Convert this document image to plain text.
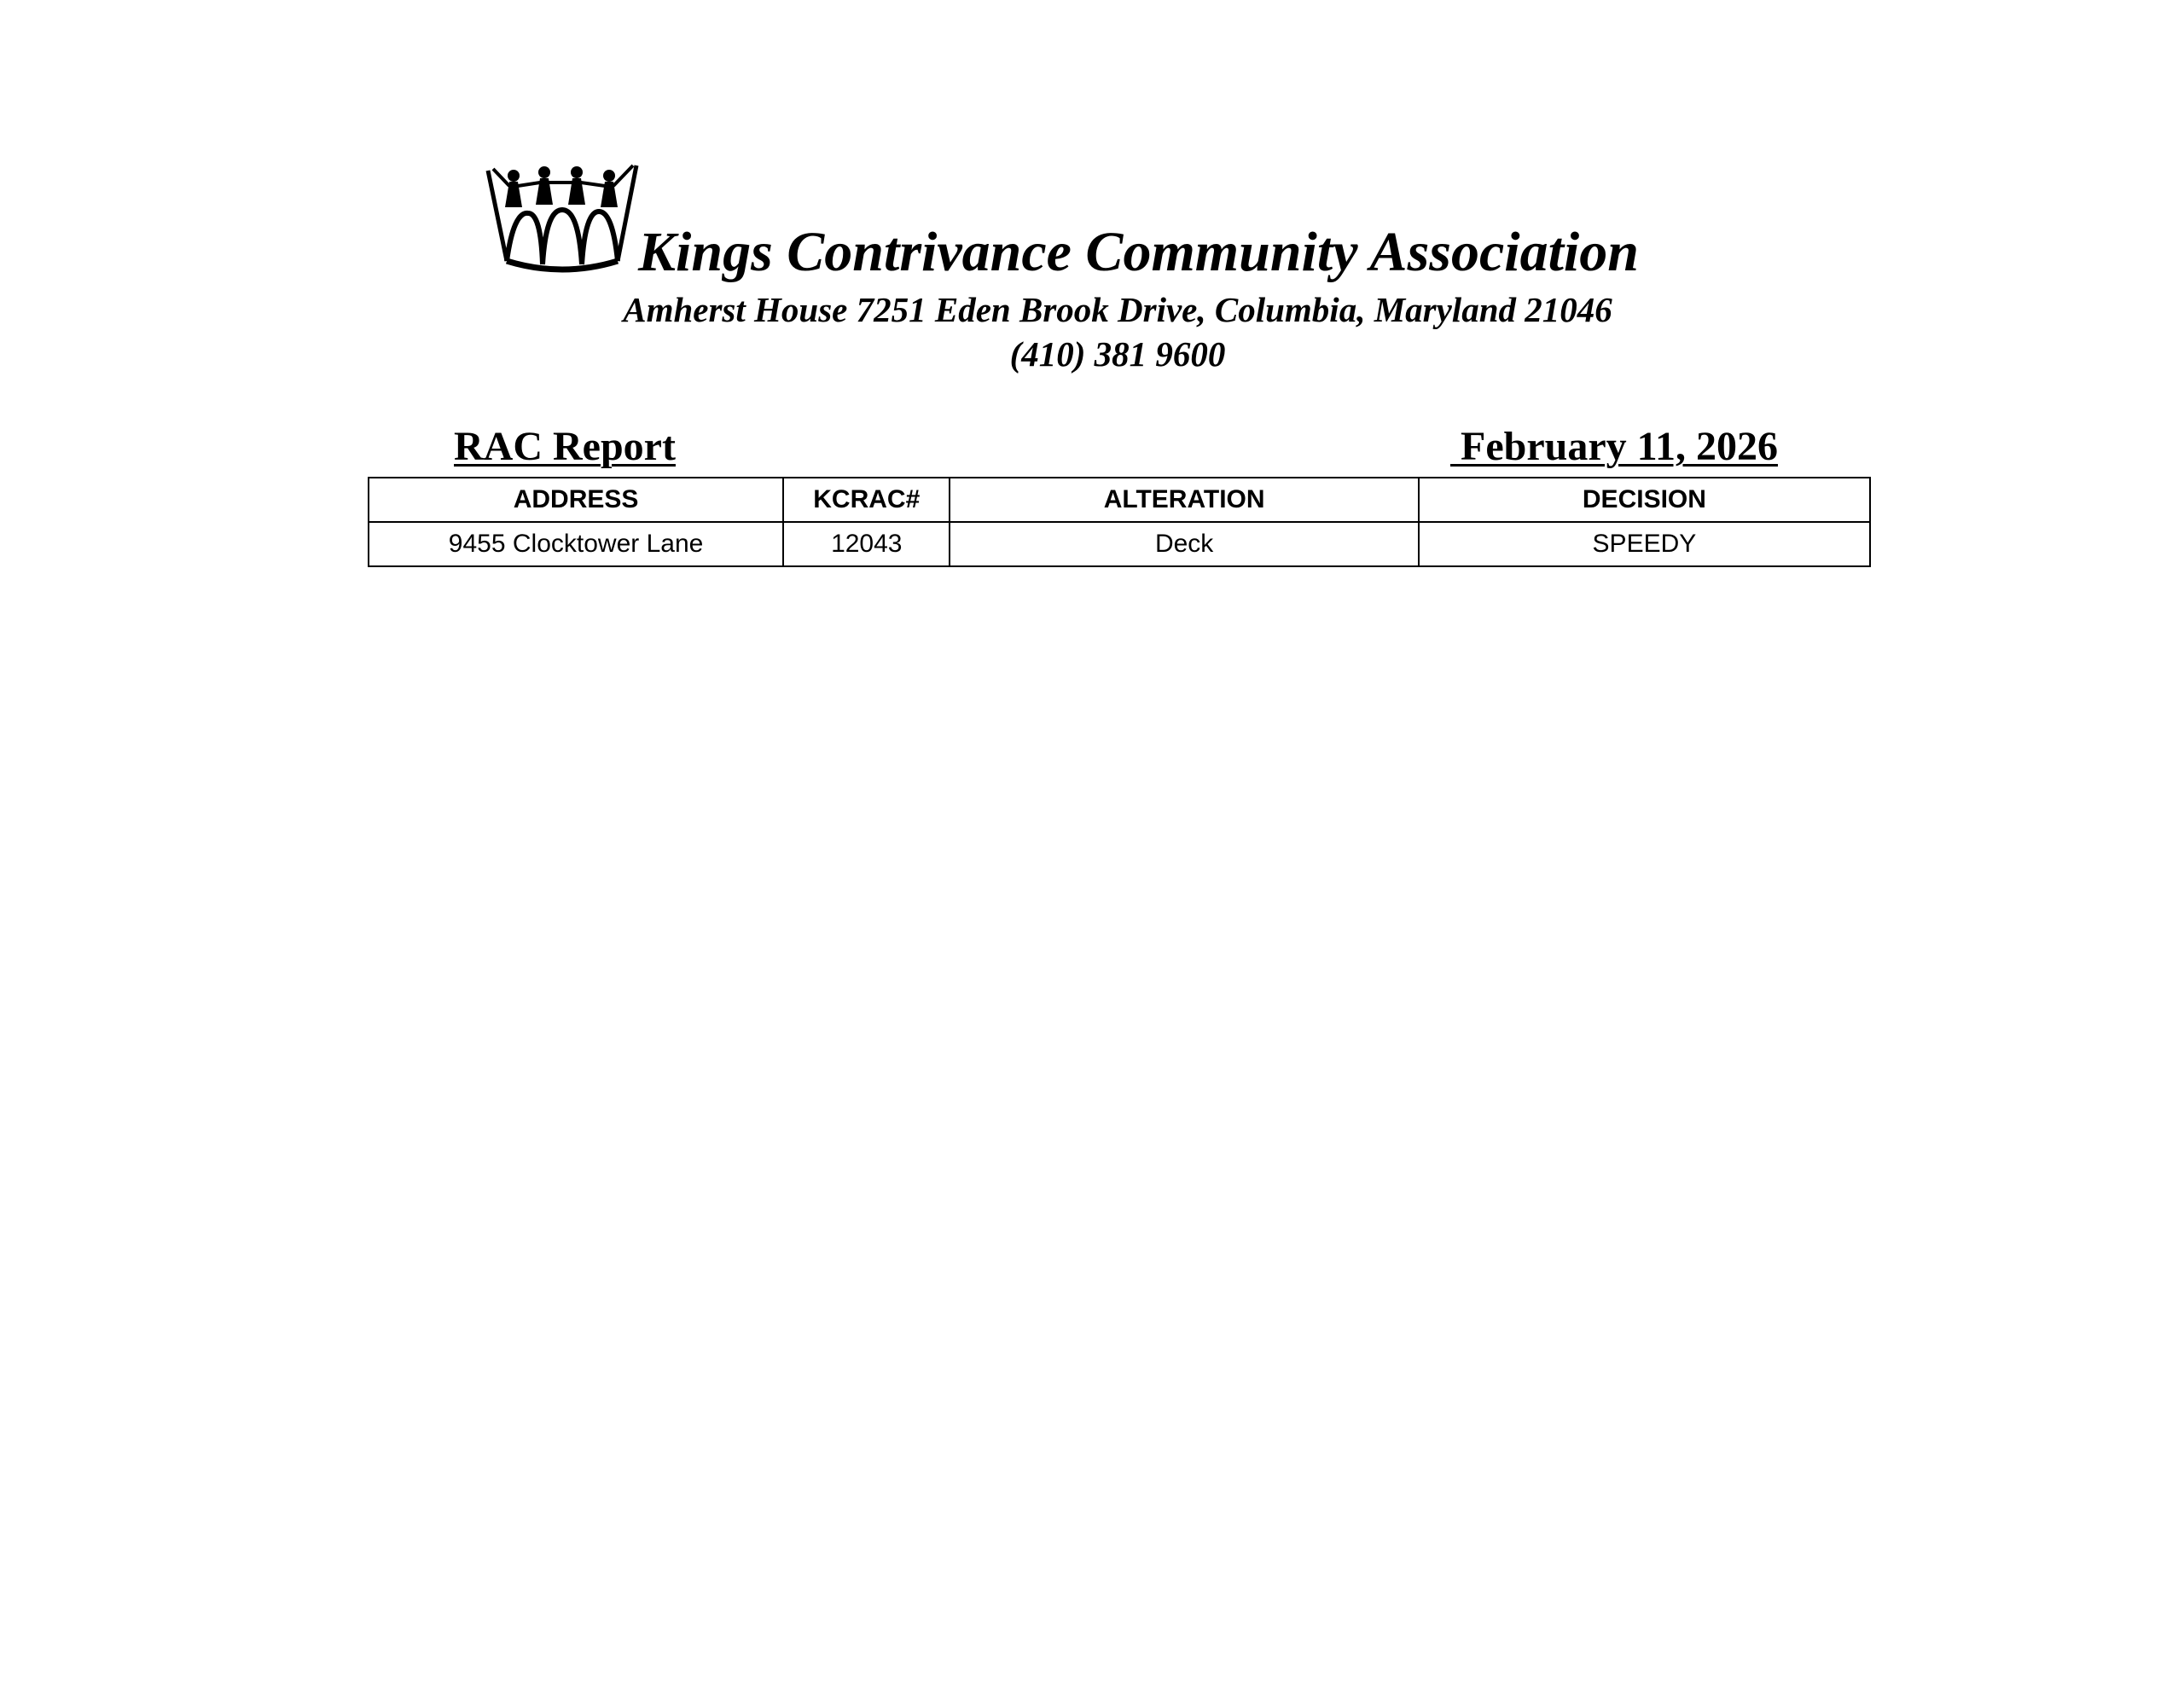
Kings Contrivance Community Association
Amherst House 7251 Eden Brook Drive, Columbia, Maryland 21046
(410) 381 9600
RAC Report	February 11, 2026
ADDRESS	KCRAC#	ALTERATION	DECISION
9455 Clocktower Lane	12043	Deck	SPEEDY
